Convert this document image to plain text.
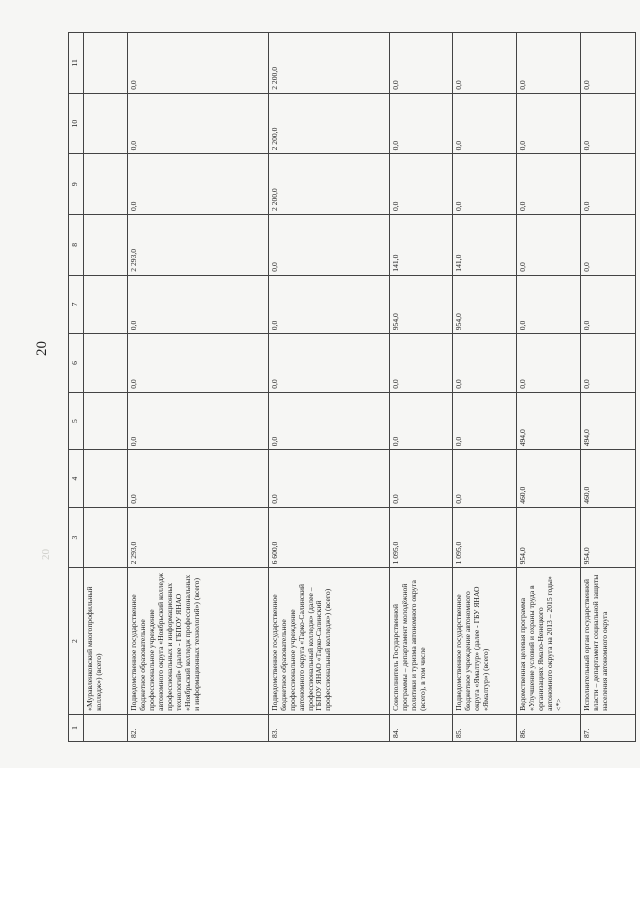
20
20
1	2	3	4	5	6	7	8	9	10	11
	«Муравленковский многопрофильный колледж») (всего)									
82.	Подведомственное государственное бюджетное образовательное профессиональное учреждение автономного округа «Ноябрьский колледж профессиональных и информационных технологий» (далее - ГБПОУ ЯНАО «Ноябрьский колледж профессиональных и информационных технологий») (всего)	2 293,0	0,0	0,0	0,0	0,0	2 293,0	0,0	0,0	0,0
83.	Подведомственное государственное бюджетное образовательное профессиональное учреждение автономного округа «Тарко-Салинский профессиональный колледж» (далее – ГБПОУ ЯНАО «Тарко-Салинский профессиональный колледж») (всего)	6 600,0	0,0	0,0	0,0	0,0	0,0	2 200,0	2 200,0	2 200,0
84.	Соисполнитель Государственной программы – департамент молодёжной политики и туризма автономного округа (всего), в том числе	1 095,0	0,0	0,0	0,0	954,0	141,0	0,0	0,0	0,0
85.	Подведомственное государственное бюджетное учреждение автономного округа «Ямалтур» (далее - ГБУ ЯНАО «Ямалтур») (всего)	1 095,0	0,0	0,0	0,0	954,0	141,0	0,0	0,0	0,0
86.	Ведомственная целевая программа «Улучшение условий и охраны труда в организациях Ямало-Ненецкого автономного округа на 2013 – 2015 годы» <*>	954,0	460,0	494,0	0,0	0,0	0,0	0,0	0,0	0,0
87.	Исполнительный орган государственной власти – департамент социальной защиты населения автономного округа	954,0	460,0	494,0	0,0	0,0	0,0	0,0	0,0	0,0
